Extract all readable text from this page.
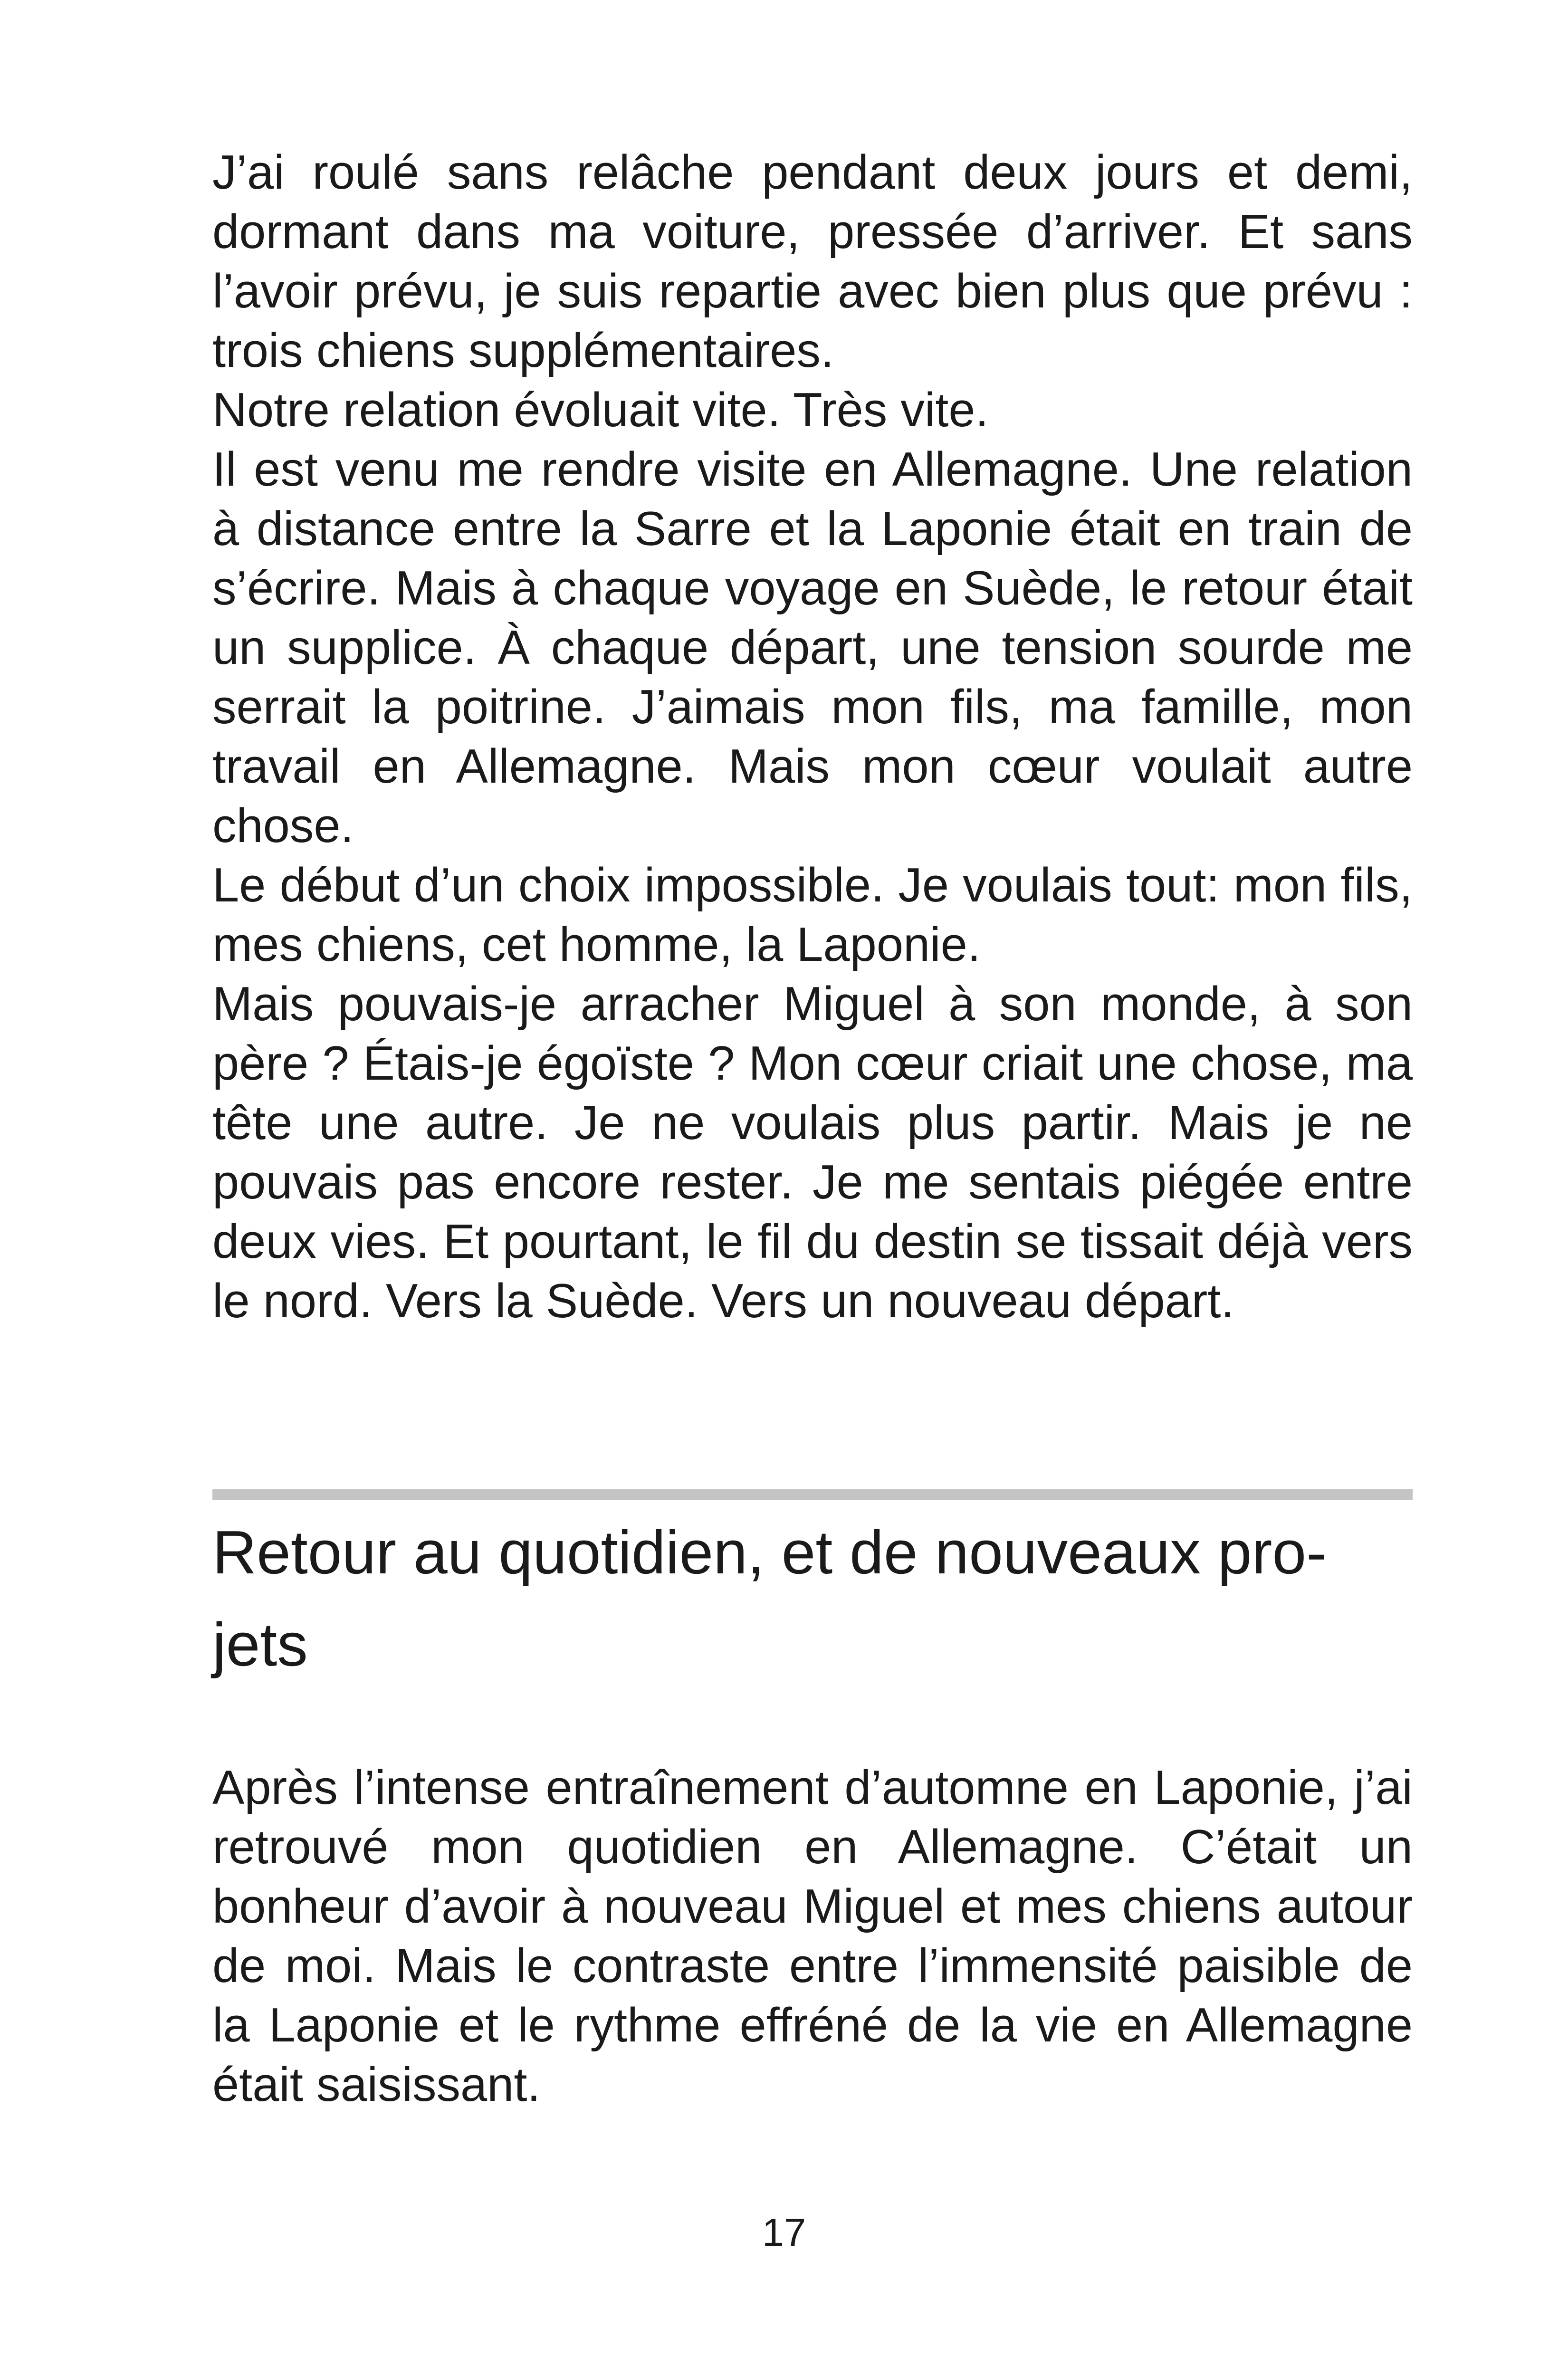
J’ai roulé sans relâche pendant deux jours et demi, dormant dans ma voiture, pressée d’arriver. Et sans l’avoir prévu, je suis repartie avec bien plus que prévu : trois chiens supplémentaires.

Notre relation évoluait vite. Très vite.

Il est venu me rendre visite en Allemagne. Une relation à distance entre la Sarre et la Laponie était en train de s’écrire. Mais à chaque voyage en Suède, le retour était un supplice. À chaque départ, une tension sourde me serrait la poitrine. J’aimais mon fils, ma famille, mon travail en Allemagne. Mais mon cœur voulait autre chose.

Le début d’un choix impossible. Je voulais tout: mon fils, mes chiens, cet homme, la Laponie.

Mais pouvais-je arracher Miguel à son monde, à son père ? Étais-je égoïste ? Mon cœur criait une chose, ma tête une autre. Je ne voulais plus partir. Mais je ne pouvais pas encore rester. Je me sentais piégée entre deux vies. Et pourtant, le fil du destin se tissait déjà vers le nord. Vers la Suède. Vers un nouveau départ.

Retour au quotidien, et de nouveaux pro-
jets

Après l’intense entraînement d’automne en Laponie, j’ai retrouvé mon quotidien en Allemagne. C’était un bonheur d’avoir à nouveau Miguel et mes chiens autour de moi. Mais le contraste entre l’immensité paisible de la Laponie et le rythme effréné de la vie en Allemagne était saisissant.

17
